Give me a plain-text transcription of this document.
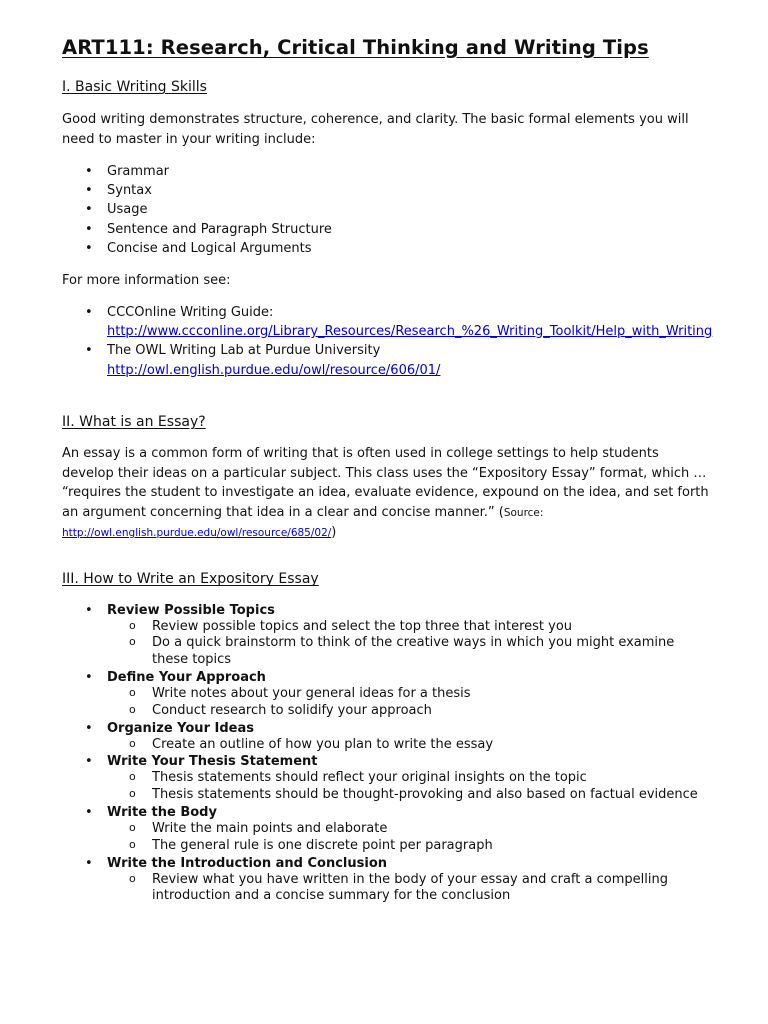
ART111: Research, Critical Thinking and Writing Tips
I. Basic Writing Skills

Good writing demonstrates structure, coherence, and clarity. The basic formal elements you will need to master in your writing include:

• Grammar
• Syntax
• Usage
• Sentence and Paragraph Structure
• Concise and Logical Arguments

For more information see:

• CCCOnline Writing Guide:
http://www.ccconline.org/Library_Resources/Research_%26_Writing_Toolkit/Help_with_Writing
• The OWL Writing Lab at Purdue University
http://owl.english.purdue.edu/owl/resource/606/01/
II. What is an Essay?

An essay is a common form of writing that is often used in college settings to help students develop their ideas on a particular subject. This class uses the “Expository Essay” format, which … “requires the student to investigate an idea, evaluate evidence, expound on the idea, and set forth an argument concerning that idea in a clear and concise manner.” (Source:
http://owl.english.purdue.edu/owl/resource/685/02/)

III. How to Write an Expository Essay
• Review Possible Topics
o Review possible topics and select the top three that interest you
o Do a quick brainstorm to think of the creative ways in which you might examine these topics
• Define Your Approach
o Write notes about your general ideas for a thesis
o Conduct research to solidify your approach
• Organize Your Ideas
o Create an outline of how you plan to write the essay
• Write Your Thesis Statement
o Thesis statements should reflect your original insights on the topic
o Thesis statements should be thought-provoking and also based on factual evidence
• Write the Body
o Write the main points and elaborate
o The general rule is one discrete point per paragraph
• Write the Introduction and Conclusion
o Review what you have written in the body of your essay and craft a compelling introduction and a concise summary for the conclusion
